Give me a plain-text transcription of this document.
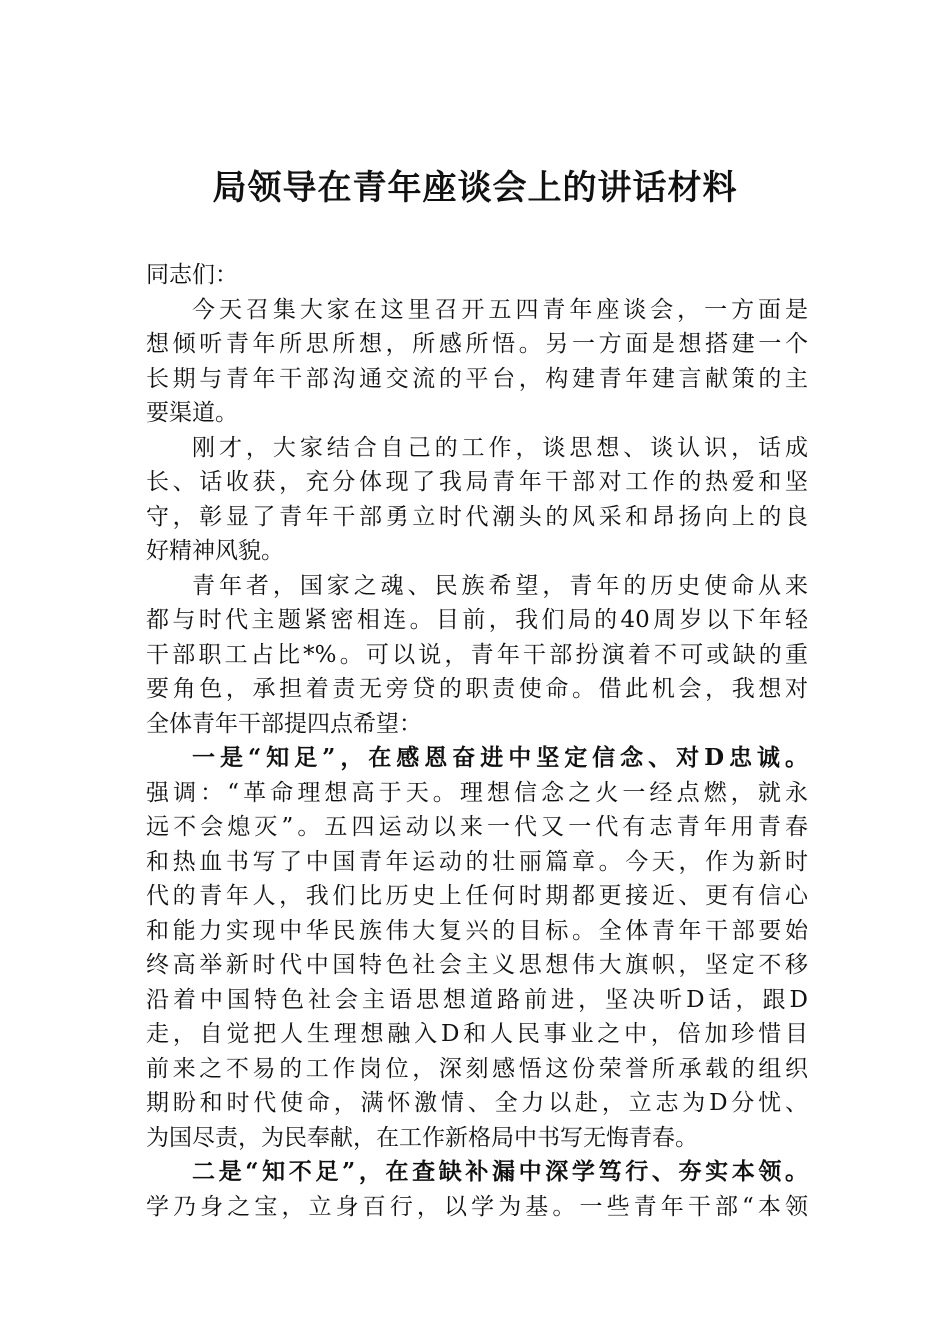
局领导在青年座谈会上的讲话材料
同志们：
今天召集大家在这里召开五四青年座谈会，一方面是
想倾听青年所思所想，所感所悟。另一方面是想搭建一个
长期与青年干部沟通交流的平台，构建青年建言献策的主
要渠道。
刚才，大家结合自己的工作，谈思想、谈认识，话成
长、话收获，充分体现了我局青年干部对工作的热爱和坚
守，彰显了青年干部勇立时代潮头的风采和昂扬向上的良
好精神风貌。
青年者，国家之魂、民族希望，青年的历史使命从来
都与时代主题紧密相连。目前，我们局的40周岁以下年轻
干部职工占比*%。可以说，青年干部扮演着不可或缺的重
要角色，承担着责无旁贷的职责使命。借此机会，我想对
全体青年干部提四点希望：
一是“知足”，在感恩奋进中坚定信念、对D忠诚。
强调：“革命理想高于天。理想信念之火一经点燃，就永
远不会熄灭”。五四运动以来一代又一代有志青年用青春
和热血书写了中国青年运动的壮丽篇章。今天，作为新时
代的青年人，我们比历史上任何时期都更接近、更有信心
和能力实现中华民族伟大复兴的目标。全体青年干部要始
终高举新时代中国特色社会主义思想伟大旗帜，坚定不移
沿着中国特色社会主语思想道路前进，坚决听D话，跟D
走，自觉把人生理想融入D和人民事业之中，倍加珍惜目
前来之不易的工作岗位，深刻感悟这份荣誉所承载的组织
期盼和时代使命，满怀激情、全力以赴，立志为D分忧、
为国尽责，为民奉献，在工作新格局中书写无悔青春。
二是“知不足”，在查缺补漏中深学笃行、夯实本领。
学乃身之宝，立身百行，以学为基。一些青年干部“本领
